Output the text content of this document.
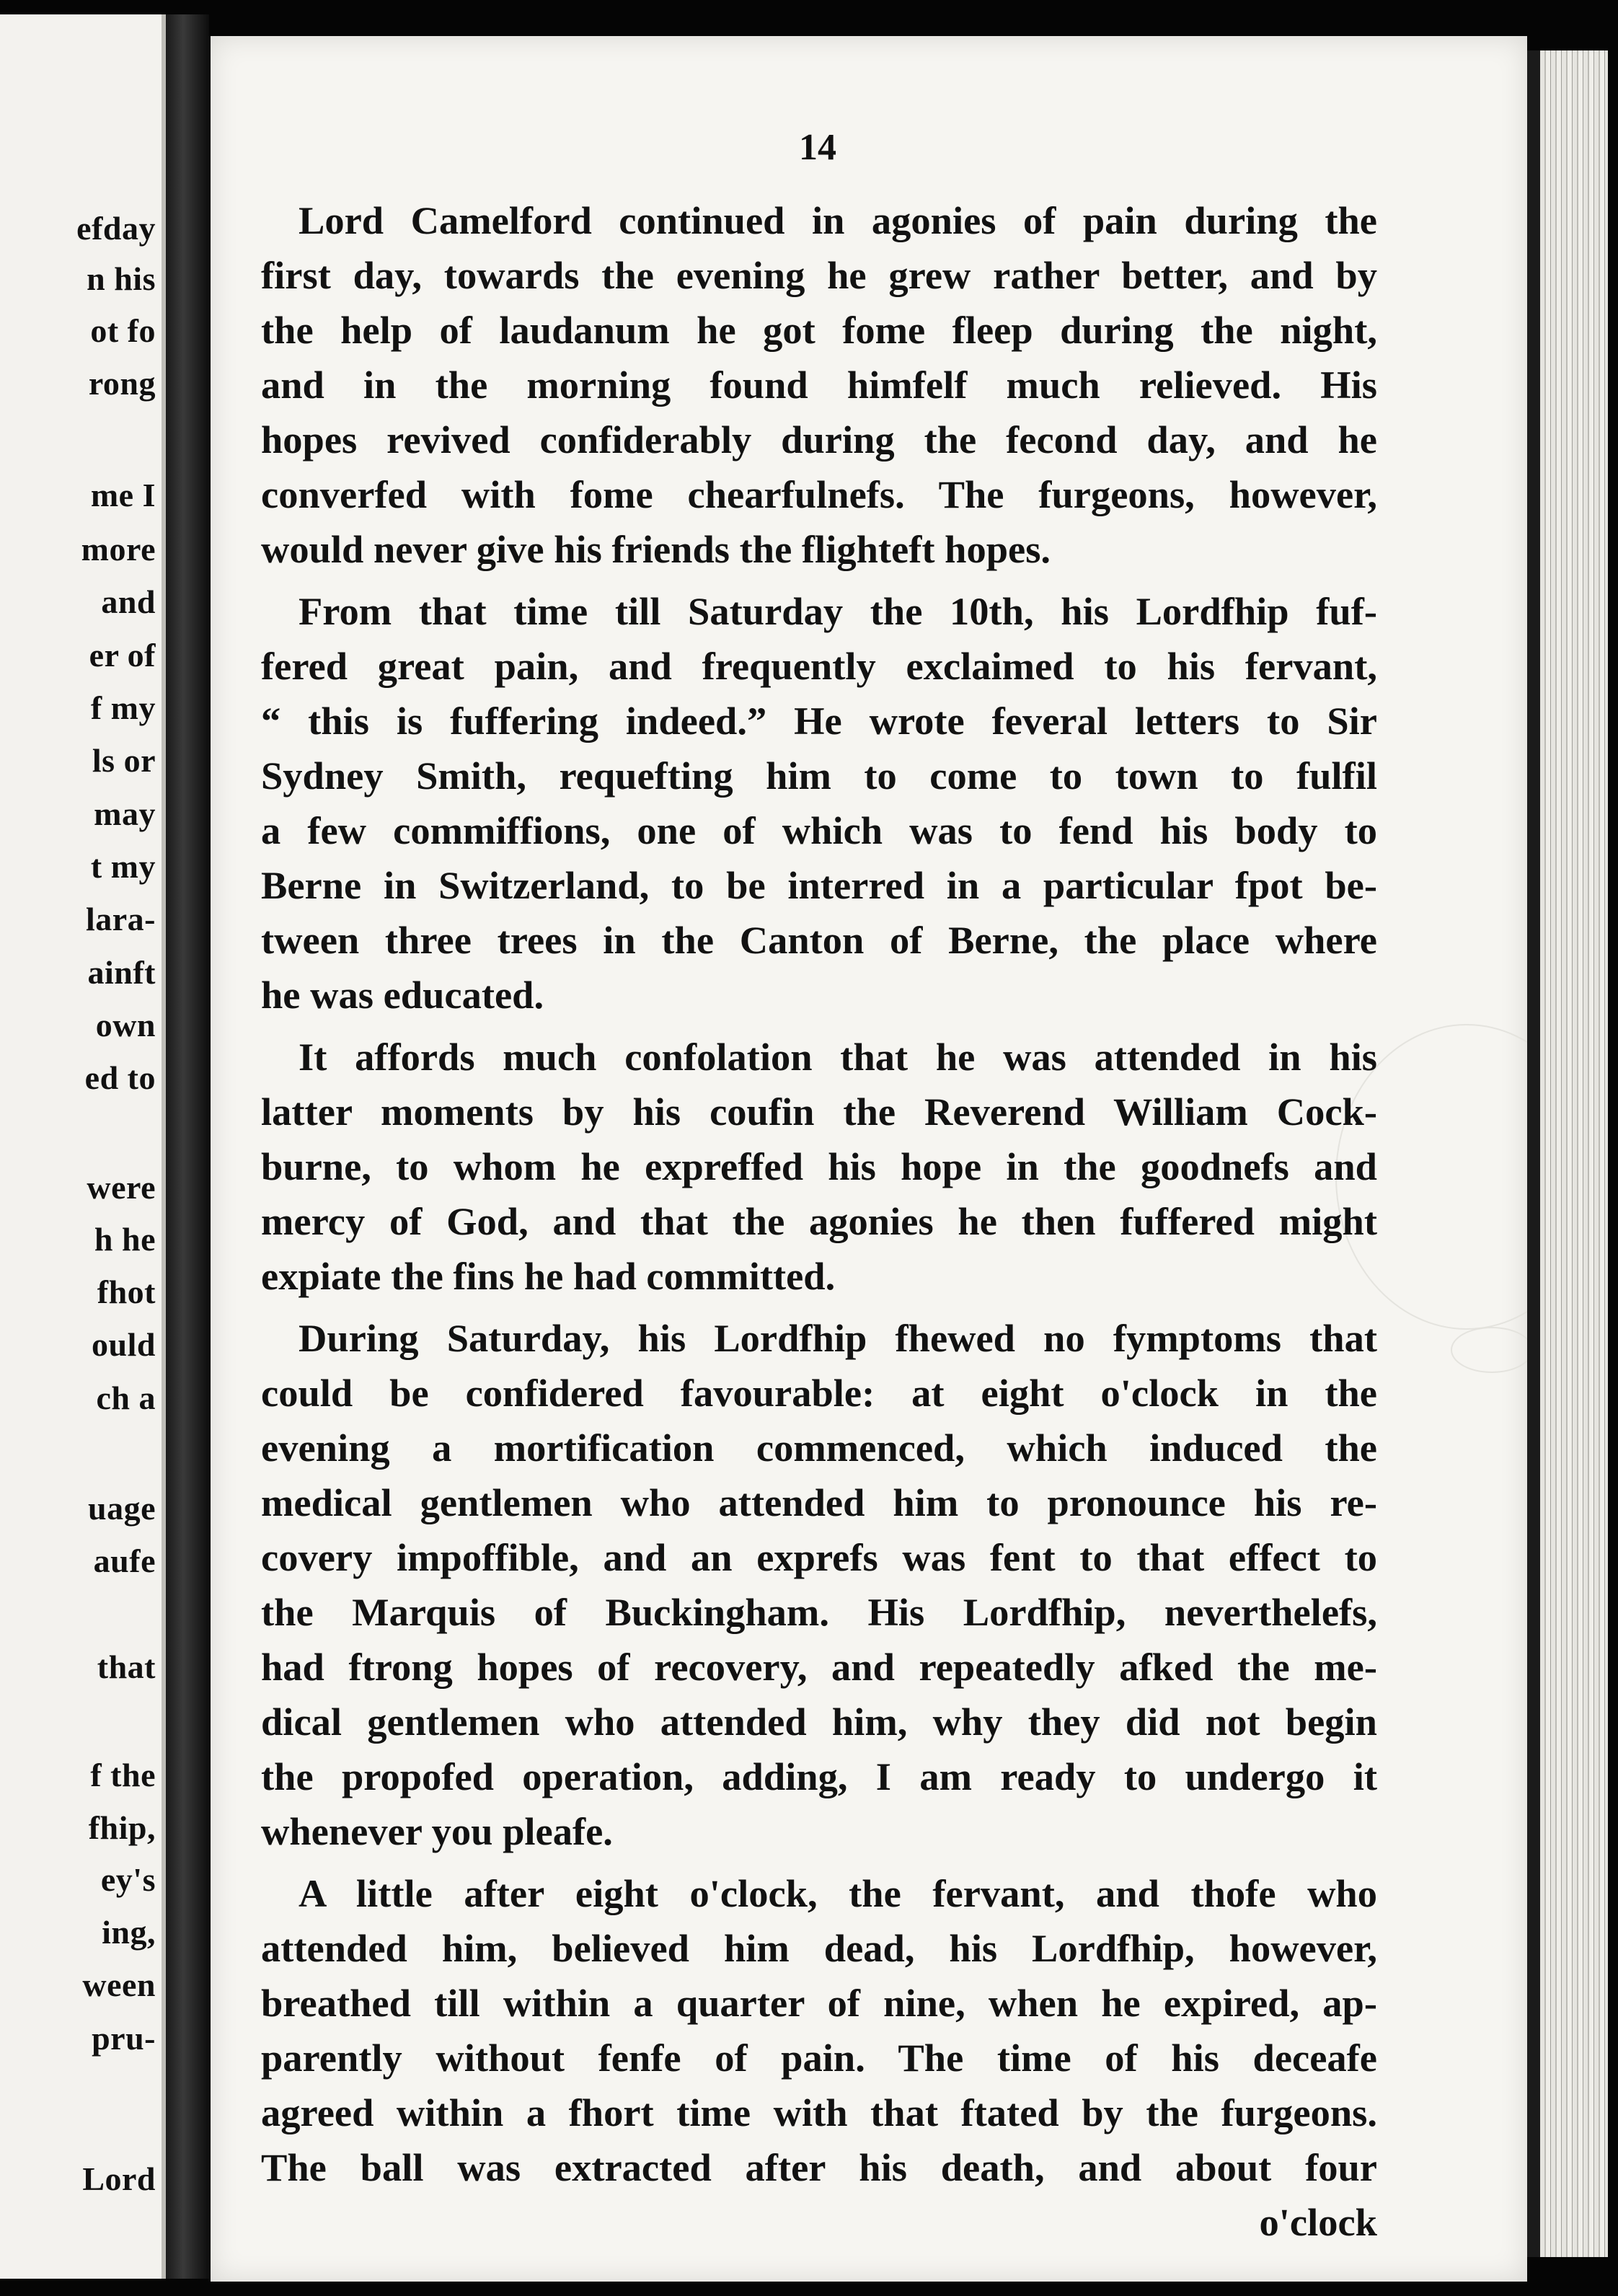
efday
n his
ot fo
rong
me I
more
and
er of
f my
ls or
may
t my
lara-
ainft
own
ed to
were
h he
fhot
ould
ch a
uage
aufe
that
f the
fhip,
ey's
ing,
ween
pru-
Lord
14
Lord Camelford continued in agonies of pain during the
first day, towards the evening he grew rather better, and by
the help of laudanum he got fome fleep during the night,
and in the morning found himfelf much relieved. His
hopes revived confiderably during the fecond day, and he
converfed with fome chearfulnefs. The furgeons, however,
would never give his friends the flighteft hopes.
From that time till Saturday the 10th, his Lordfhip fuf-
fered great pain, and frequently exclaimed to his fervant,
“ this is fuffering indeed.” He wrote feveral letters to Sir
Sydney Smith, requefting him to come to town to fulfil
a few commiffions, one of which was to fend his body to
Berne in Switzerland, to be interred in a particular fpot be-
tween three trees in the Canton of Berne, the place where
he was educated.
It affords much confolation that he was attended in his
latter moments by his coufin the Reverend William Cock-
burne, to whom he expreffed his hope in the goodnefs and
mercy of God, and that the agonies he then fuffered might
expiate the fins he had committed.
During Saturday, his Lordfhip fhewed no fymptoms that
could be confidered favourable: at eight o'clock in the
evening a mortification commenced, which induced the
medical gentlemen who attended him to pronounce his re-
covery impoffible, and an exprefs was fent to that effect to
the Marquis of Buckingham. His Lordfhip, neverthelefs,
had ftrong hopes of recovery, and repeatedly afked the me-
dical gentlemen who attended him, why they did not begin
the propofed operation, adding, I am ready to undergo it
whenever you pleafe.
A little after eight o'clock, the fervant, and thofe who
attended him, believed him dead, his Lordfhip, however,
breathed till within a quarter of nine, when he expired, ap-
parently without fenfe of pain. The time of his deceafe
agreed within a fhort time with that ftated by the furgeons.
The ball was extracted after his death, and about four
o'clock
